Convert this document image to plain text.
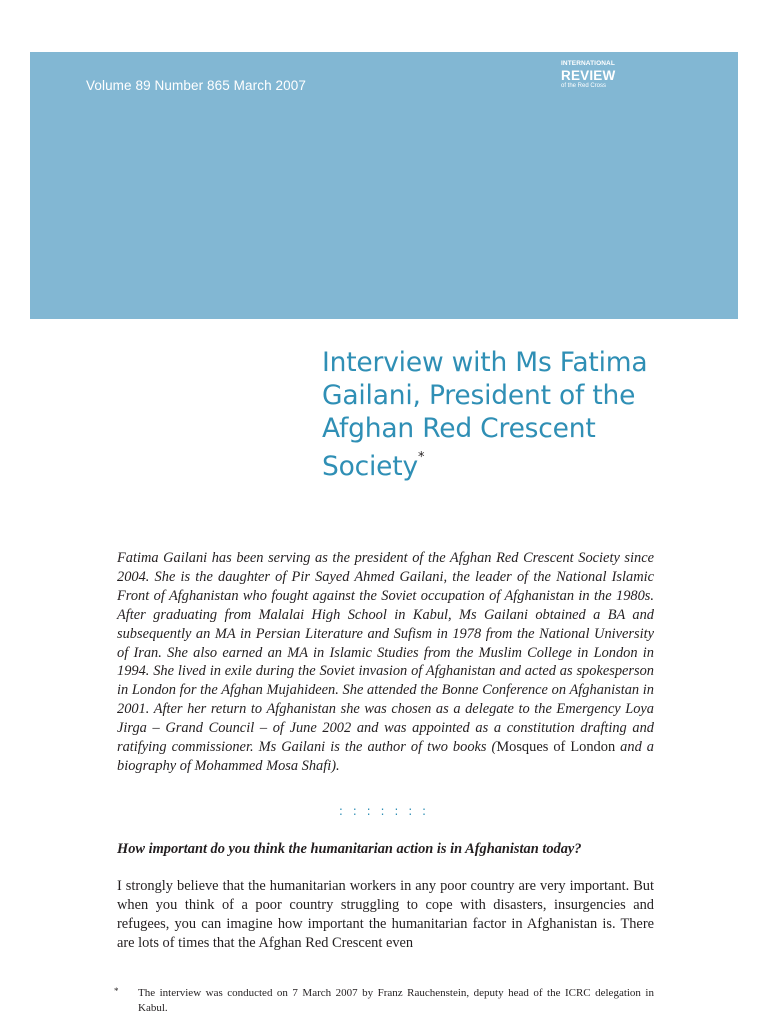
Volume 89 Number 865 March 2007
INTERNATIONAL
REVIEW
of the Red Cross
Interview with Ms Fatima Gailani, President of the Afghan Red Crescent Society*

Fatima Gailani has been serving as the president of the Afghan Red Crescent Society since 2004. She is the daughter of Pir Sayed Ahmed Gailani, the leader of the National Islamic Front of Afghanistan who fought against the Soviet occupation of Afghanistan in the 1980s. After graduating from Malalai High School in Kabul, Ms Gailani obtained a BA and subsequently an MA in Persian Literature and Sufism in 1978 from the National University of Iran. She also earned an MA in Islamic Studies from the Muslim College in London in 1994. She lived in exile during the Soviet invasion of Afghanistan and acted as spokesperson in London for the Afghan Mujahideen. She attended the Bonne Conference on Afghanistan in 2001. After her return to Afghanistan she was chosen as a delegate to the Emergency Loya Jirga – Grand Council – of June 2002 and was appointed as a constitution drafting and ratifying commissioner. Ms Gailani is the author of two books (Mosques of London and a biography of Mohammed Mosa Shafi).

: : : : : : :

How important do you think the humanitarian action is in Afghanistan today?

I strongly believe that the humanitarian workers in any poor country are very important. But when you think of a poor country struggling to cope with disasters, insurgencies and refugees, you can imagine how important the humanitarian factor in Afghanistan is. There are lots of times that the Afghan Red Crescent even

*	The interview was conducted on 7 March 2007 by Franz Rauchenstein, deputy head of the ICRC delegation in Kabul.
